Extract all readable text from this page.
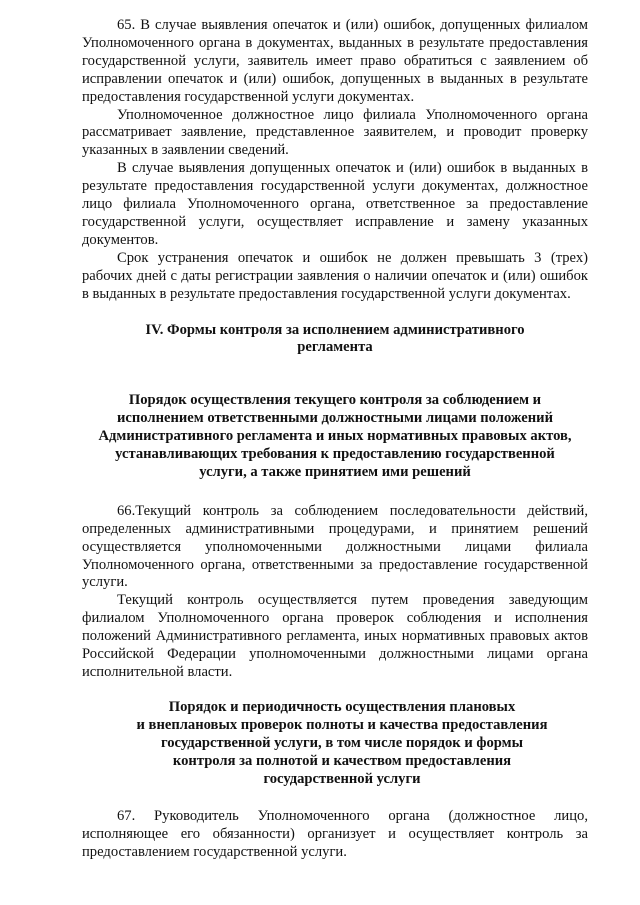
65. В случае выявления опечаток и (или) ошибок, допущенных филиалом Уполномоченного органа в документах, выданных в результате предоставления государственной услуги, заявитель имеет право обратиться с заявлением об исправлении опечаток и (или) ошибок, допущенных в выданных в результате предоставления государственной услуги документах.

Уполномоченное должностное лицо филиала Уполномоченного органа рассматривает заявление, представленное заявителем, и проводит проверку указанных в заявлении сведений.

В случае выявления допущенных опечаток и (или) ошибок в выданных в результате предоставления государственной услуги документах, должностное лицо филиала Уполномоченного органа, ответственное за предоставление государственной услуги, осуществляет исправление и замену указанных документов.

Срок устранения опечаток и ошибок не должен превышать 3 (трех) рабочих дней с даты регистрации заявления о наличии опечаток и (или) ошибок в выданных в результате предоставления государственной услуги документах.

IV. Формы контроля за исполнением административного регламента
Порядок осуществления текущего контроля за соблюдением и
исполнением ответственными должностными лицами положений
Административного регламента и иных нормативных правовых актов,
устанавливающих требования к предоставлению государственной
услуги, а также принятием ими решений

66.Текущий контроль за соблюдением последовательности действий, определенных административными процедурами, и принятием решений осуществляется уполномоченными должностными лицами филиала Уполномоченного органа, ответственными за предоставление государственной услуги.

Текущий контроль осуществляется путем проведения заведующим филиалом Уполномоченного органа проверок соблюдения и исполнения положений Административного регламента, иных нормативных правовых актов Российской Федерации уполномоченными должностными лицами органа исполнительной власти.

Порядок и периодичность осуществления плановых
и внеплановых проверок полноты и качества предоставления
государственной услуги, в том числе порядок и формы
контроля за полнотой и качеством предоставления
государственной услуги

67. Руководитель Уполномоченного органа (должностное лицо, исполняющее его обязанности) организует и осуществляет контроль за предоставлением государственной услуги.
